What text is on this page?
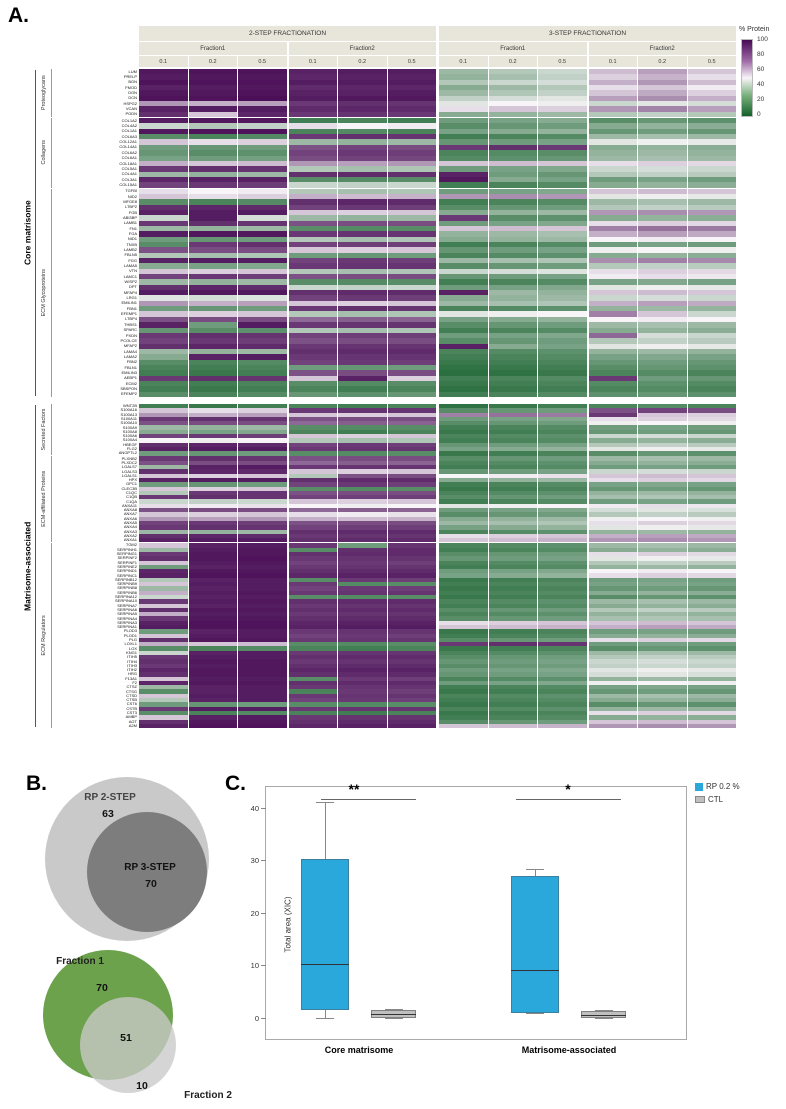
A.
2-STEP FRACTIONATION	3-STEP FRACTIONATION
Fraction1	Fraction2	Fraction1	Fraction2
0.1	0.2	0.5	0.1	0.2	0.5	0.1	0.2	0.5	0.1	0.2	0.5
Core matrisome
Proteoglycans
LUM
PRELP
BGN
FMOD
OGN
DCN
HSPG2
VCAN
PODN
Collagens
COL1A2
COL4A2
COL1A1
COL6A3
COL12A1
COL14A1
COL6A2
COL6A1
COL18A1
COL5A1
COL4A1
COL3A1
COL15A1
ECM Glycoproteins
TGFBI
NID2
MFGE8
LTBP2
FGB
ABI3BP
LAMB1
FN1
FGA
NID1
TNXB
LAMB2
FBLN5
FGG
LAMA5
VTN
LAMC1
WISP2
DPT
MFAP4
LRG1
EMILIN1
FBN1
EFEMP1
LTBP4
THBS1
SPARC
PXDN
PCOLCE
MFAP2
LAMA4
LAMA2
FBN2
FBLN1
EMILIN3
AEBP1
ECM2
SBSPON
EFEMP2
Matrisome-associated
Secreted Factors
WNT2B
S100A16
S100A13
S100A11
S100A10
S100A9
S100A8
S100A6
S100A4
HBEGF
FLG2
ANGPTL2
ECM-affiliated Proteins
PLXNB2
PLXDC2
LGALS7
LGALS3
LGALS1
HPX
GPC1
CLEC3B
C1QC
C1QB
C1QA
ANXA11
ANXA8
ANXA7
ANXA6
ANXA5
ANXA4
ANXA3
ANXA2
ANXA1
ECM Regulators
TGM2
SERPINH1
SERPING1
SERPINF2
SERPINF1
SERPINE2
SERPIND1
SERPINC1
SERPINB12
SERPINB9
SERPINB8
SERPINB6
SERPINA12
SERPINA10
SERPINA7
SERPINA6
SERPINA5
SERPINA4
SERPINA3
SERPINA1
PLOD3
PLOD1
PLG
LOXL1
LOX
KNG1
ITIH5
ITIH4
ITIH3
ITIH2
HRG
F13A1
F2
CTSZ
CTSG
CTSD
CTSB
CST6
CSTB
CST3
AMBP
AGT
A2M
% Protein
100
80
60
40
20
0
B.
RP 2-STEP
63
RP 3-STEP
70
Fraction 1
70
51
10
Fraction 2
C.
Total area (XIC)
**	*
Core matrisome	Matrisome-associated
40
30
20
10
0
RP 0.2 %
CTL
